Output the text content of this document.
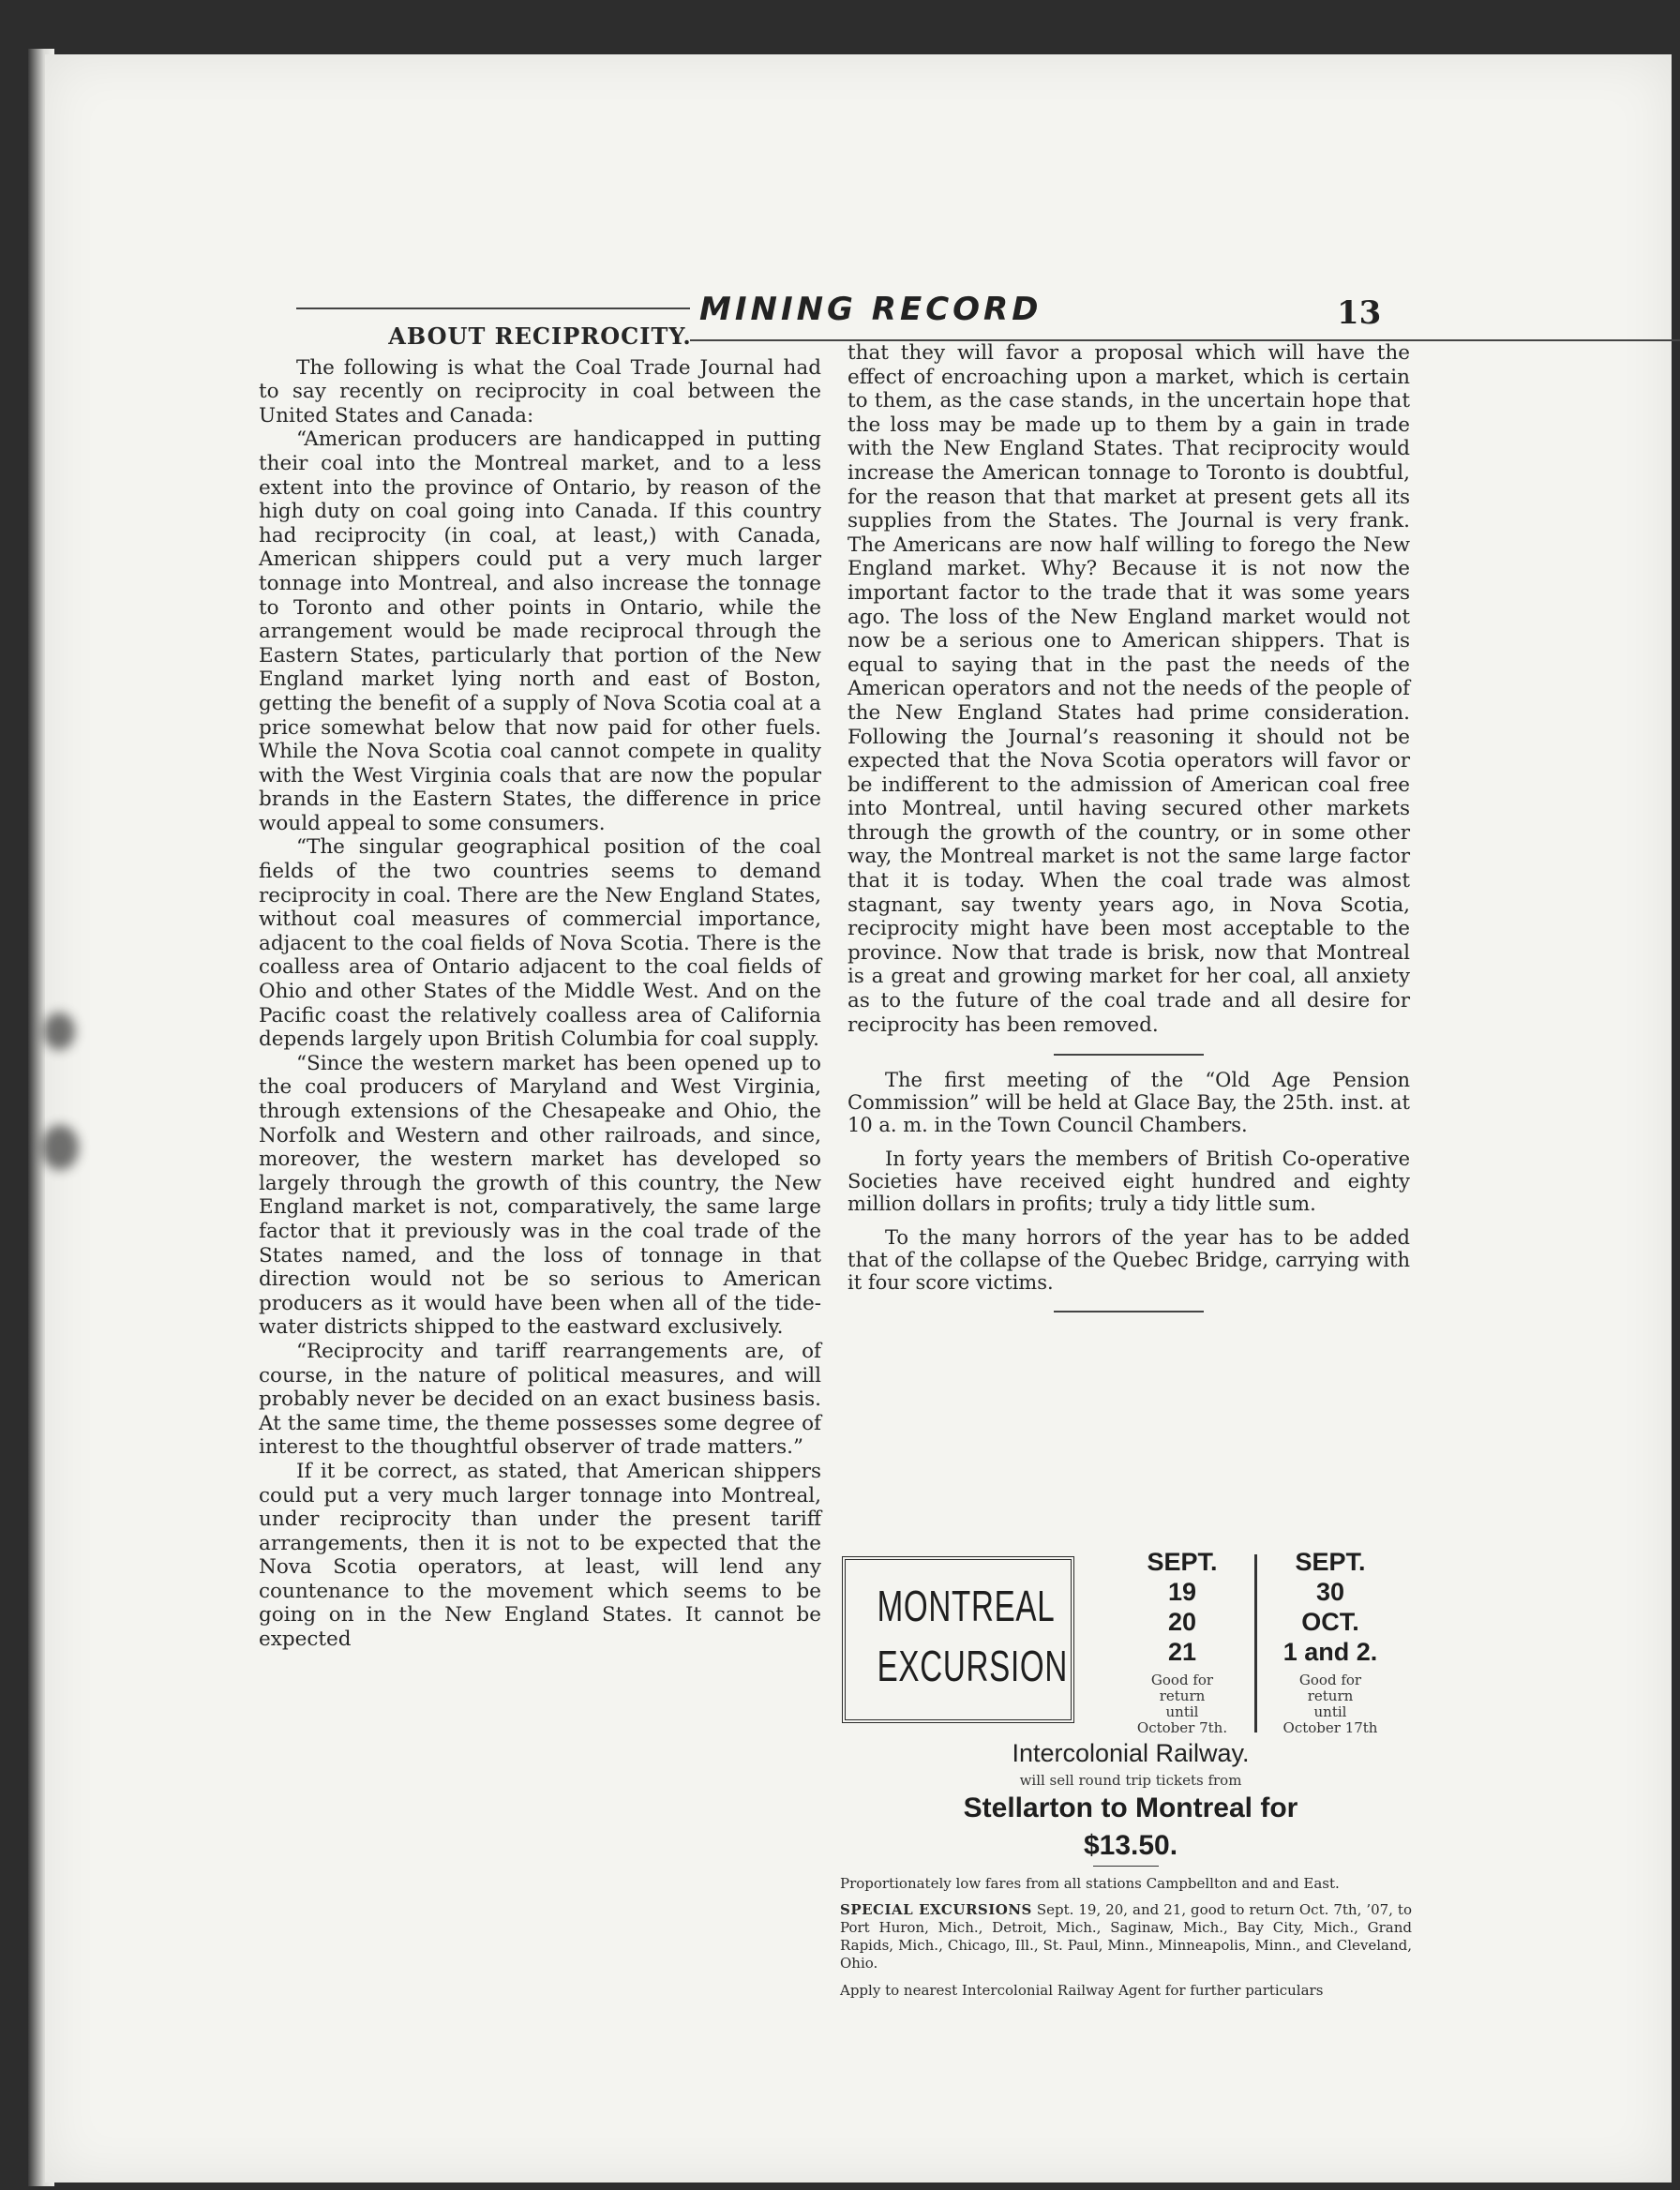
MINING RECORD	13
ABOUT RECIPROCITY.

The following is what the Coal Trade Journal had to say recently on reciprocity in coal between the United States and Canada:

“American producers are handicapped in putting their coal into the Montreal market, and to a less extent into the province of Ontario, by reason of the high duty on coal going into Canada. If this country had reciprocity (in coal, at least,) with Canada, American shippers could put a very much larger tonnage into Montreal, and also increase the tonnage to Toronto and other points in Ontario, while the arrangement would be made reciprocal through the Eastern States, particularly that portion of the New England market lying north and east of Boston, getting the benefit of a supply of Nova Scotia coal at a price somewhat below that now paid for other fuels. While the Nova Scotia coal cannot compete in quality with the West Virginia coals that are now the popular brands in the Eastern States, the difference in price would appeal to some consumers.

“The singular geographical position of the coal fields of the two countries seems to demand reciprocity in coal. There are the New England States, without coal measures of commercial importance, adjacent to the coal fields of Nova Scotia. There is the coalless area of Ontario adjacent to the coal fields of Ohio and other States of the Middle West. And on the Pacific coast the relatively coalless area of California depends largely upon British Columbia for coal supply.

“Since the western market has been opened up to the coal producers of Maryland and West Virginia, through extensions of the Chesapeake and Ohio, the Norfolk and Western and other railroads, and since, moreover, the western market has developed so largely through the growth of this country, the New England market is not, comparatively, the same large factor that it previously was in the coal trade of the States named, and the loss of tonnage in that direction would not be so serious to American producers as it would have been when all of the tide-water districts shipped to the eastward exclusively.

“Reciprocity and tariff rearrangements are, of course, in the nature of political measures, and will probably never be decided on an exact business basis. At the same time, the theme possesses some degree of interest to the thoughtful observer of trade matters.”

If it be correct, as stated, that American shippers could put a very much larger tonnage into Montreal, under reciprocity than under the present tariff arrangements, then it is not to be expected that the Nova Scotia operators, at least, will lend any countenance to the movement which seems to be going on in the New England States. It cannot be expected

that they will favor a proposal which will have the effect of encroaching upon a market, which is certain to them, as the case stands, in the uncertain hope that the loss may be made up to them by a gain in trade with the New England States. That reciprocity would increase the American tonnage to Toronto is doubtful, for the reason that that market at present gets all its supplies from the States. The Journal is very frank. The Americans are now half willing to forego the New England market. Why? Because it is not now the important factor to the trade that it was some years ago. The loss of the New England market would not now be a serious one to American shippers. That is equal to saying that in the past the needs of the American operators and not the needs of the people of the New England States had prime consideration. Following the Journal’s reasoning it should not be expected that the Nova Scotia operators will favor or be indifferent to the admission of American coal free into Montreal, until having secured other markets through the growth of the country, or in some other way, the Montreal market is not the same large factor that it is today. When the coal trade was almost stagnant, say twenty years ago, in Nova Scotia, reciprocity might have been most acceptable to the province. Now that trade is brisk, now that Montreal is a great and growing market for her coal, all anxiety as to the future of the coal trade and all desire for reciprocity has been removed.

The first meeting of the “Old Age Pension Commission” will be held at Glace Bay, the 25th. inst. at 10 a. m. in the Town Council Chambers.

In forty years the members of British Co-operative Societies have received eight hundred and eighty million dollars in profits; truly a tidy little sum.

To the many horrors of the year has to be added that of the collapse of the Quebec Bridge, carrying with it four score victims.

MONTREAL
EXCURSION
SEPT.
19
20
21
Good for
return
until
October 7th.
SEPT.
30
OCT.
1 and 2.
Good for
return
until
October 17th
Intercolonial Railway.
will sell round trip tickets from
Stellarton to Montreal for
$13.50.
Proportionately low fares from all stations Campbellton and and East.
SPECIAL EXCURSIONS Sept. 19, 20, and 21, good to return Oct. 7th, ’07, to Port Huron, Mich., Detroit, Mich., Saginaw, Mich., Bay City, Mich., Grand Rapids, Mich., Chicago, Ill., St. Paul, Minn., Minneapolis, Minn., and Cleveland, Ohio.
Apply to nearest Intercolonial Railway Agent for further particulars
